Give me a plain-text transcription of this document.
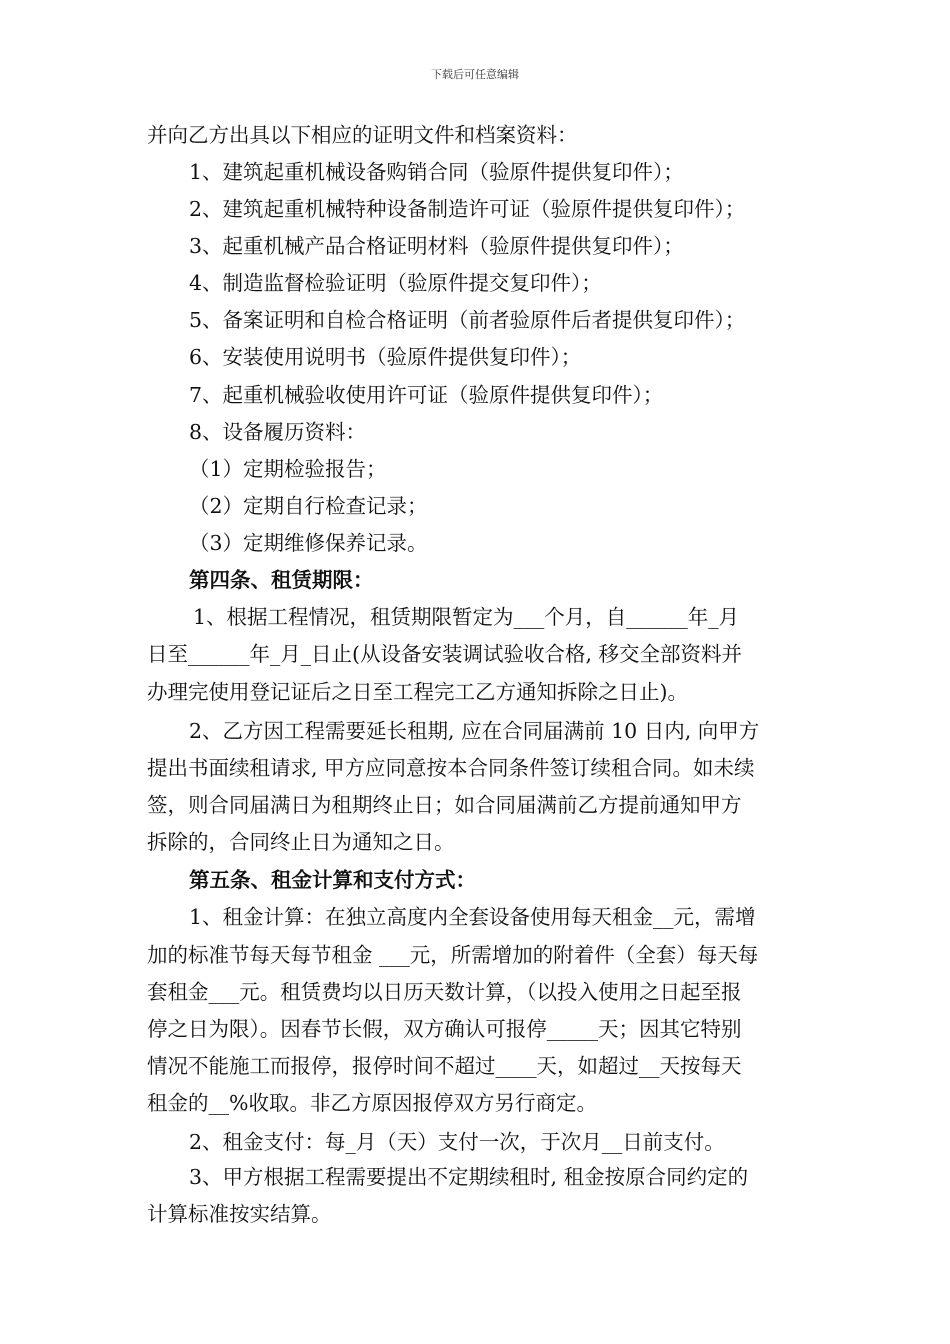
下载后可任意编辑
并向乙方出具以下相应的证明文件和档案资料：
1、建筑起重机械设备购销合同（验原件提供复印件）；
2、建筑起重机械特种设备制造许可证（验原件提供复印件）；
3、起重机械产品合格证明材料（验原件提供复印件）；
4、制造监督检验证明（验原件提交复印件）；
5、备案证明和自检合格证明（前者验原件后者提供复印件）；
6、安装使用说明书（验原件提供复印件）；
7、起重机械验收使用许可证（验原件提供复印件）；
8、设备履历资料：
（1）定期检验报告；
（2）定期自行检查记录；
（3）定期维修保养记录。
第四条、租赁期限：
1、根据工程情况，租赁期限暂定为___个月，自______年_月
日至______年_月_日止(从设备安装调试验收合格, 移交全部资料并
办理完使用登记证后之日至工程完工乙方通知拆除之日止)。
2、乙方因工程需要延长租期, 应在合同届满前 10 日内, 向甲方
提出书面续租请求, 甲方应同意按本合同条件签订续租合同。如未续
签，则合同届满日为租期终止日；如合同届满前乙方提前通知甲方
拆除的，合同终止日为通知之日。
第五条、租金计算和支付方式：
1、租金计算：在独立高度内全套设备使用每天租金__元，需增
加的标准节每天每节租金 ___元，所需增加的附着件（全套）每天每
套租金___元。租赁费均以日历天数计算，（以投入使用之日起至报
停之日为限）。因春节长假，双方确认可报停_____天；因其它特别
情况不能施工而报停，报停时间不超过____天，如超过__天按每天
租金的__%收取。非乙方原因报停双方另行商定。
2、租金支付：每_月（天）支付一次，于次月__日前支付。
3、甲方根据工程需要提出不定期续租时, 租金按原合同约定的
计算标准按实结算。
